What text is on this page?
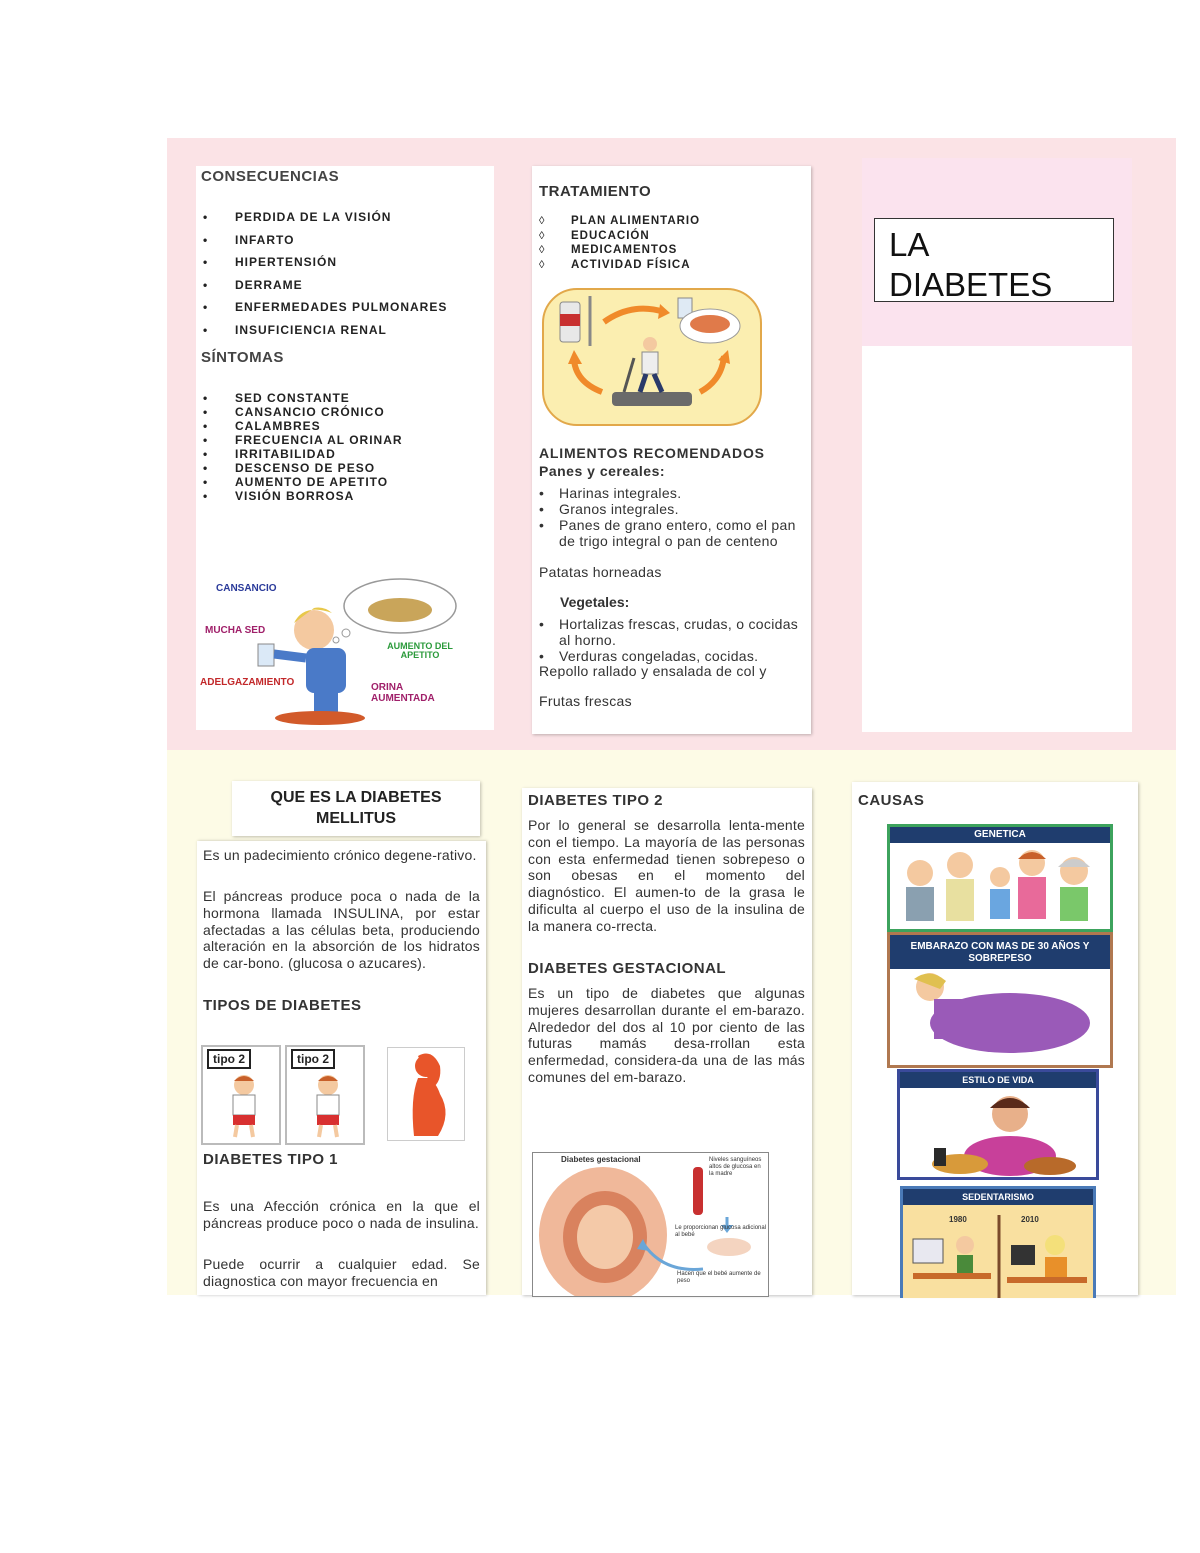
CONSECUENCIAS
• PERDIDA DE LA VISIÓN
• INFARTO
• HIPERTENSIÓN
• DERRAME
• ENFERMEDADES PULMONARES
• INSUFICIENCIA RENAL
SÍNTOMAS
• SED CONSTANTE
• CANSANCIO CRÓNICO
• CALAMBRES
• FRECUENCIA AL ORINAR
• IRRITABILIDAD
• DESCENSO DE PESO
• AUMENTO DE APETITO
• VISIÓN BORROSA
CANSANCIO
MUCHA SED
AUMENTO DEL APETITO
ADELGAZAMIENTO	ORINA AUMENTADA
TRATAMIENTO
◊ PLAN ALIMENTARIO
◊ EDUCACIÓN
◊ MEDICAMENTOS
◊ ACTIVIDAD FÍSICA
ALIMENTOS RECOMENDADOS
Panes y cereales:
• Harinas integrales.
• Granos integrales.
• Panes de grano entero, como el pan de trigo integral o pan de centeno
Patatas horneadas
Vegetales:
• Hortalizas frescas, crudas, o cocidas al horno.
• Verduras congeladas, cocidas.
Repollo rallado y ensalada de col y
Frutas frescas
LA DIABETES
QUE ES LA DIABETES MELLITUS

Es un padecimiento crónico degene-rativo.

El páncreas produce poca o nada de la hormona llamada INSULINA, por estar afectadas a las células beta, produciendo alteración en la absorción de los hidratos de car-bono. (glucosa o azucares).

TIPOS DE DIABETES
tipo 2	tipo 2
DIABETES TIPO 1

Es una Afección crónica en la que el páncreas produce poco o nada de insulina.

Puede ocurrir a cualquier edad. Se diagnostica con mayor frecuencia en

DIABETES TIPO 2

Por lo general se desarrolla lenta-mente con el tiempo. La mayoría de las personas con esta enfermedad tienen sobrepeso o son obesas en el momento del diagnóstico. El aumen-to de la grasa le dificulta al cuerpo el uso de la insulina de la manera co-rrecta.

DIABETES GESTACIONAL

Es un tipo de diabetes que algunas mujeres desarrollan durante el em-barazo. Alrededor del dos al 10 por ciento de las futuras mamás desa-rrollan esta enfermedad, considera-da una de las más comunes del em-barazo.

Diabetes gestacional	Niveles sanguíneos altos de glucosa en la madre
Le proporcionan glucosa adicional al bebé
Hacen que el bebé aumente de peso
CAUSAS
GENETICA
EMBARAZO CON MAS DE 30 AÑOS Y SOBREPESO
ESTILO DE VIDA
SEDENTARISMO
1980	2010
